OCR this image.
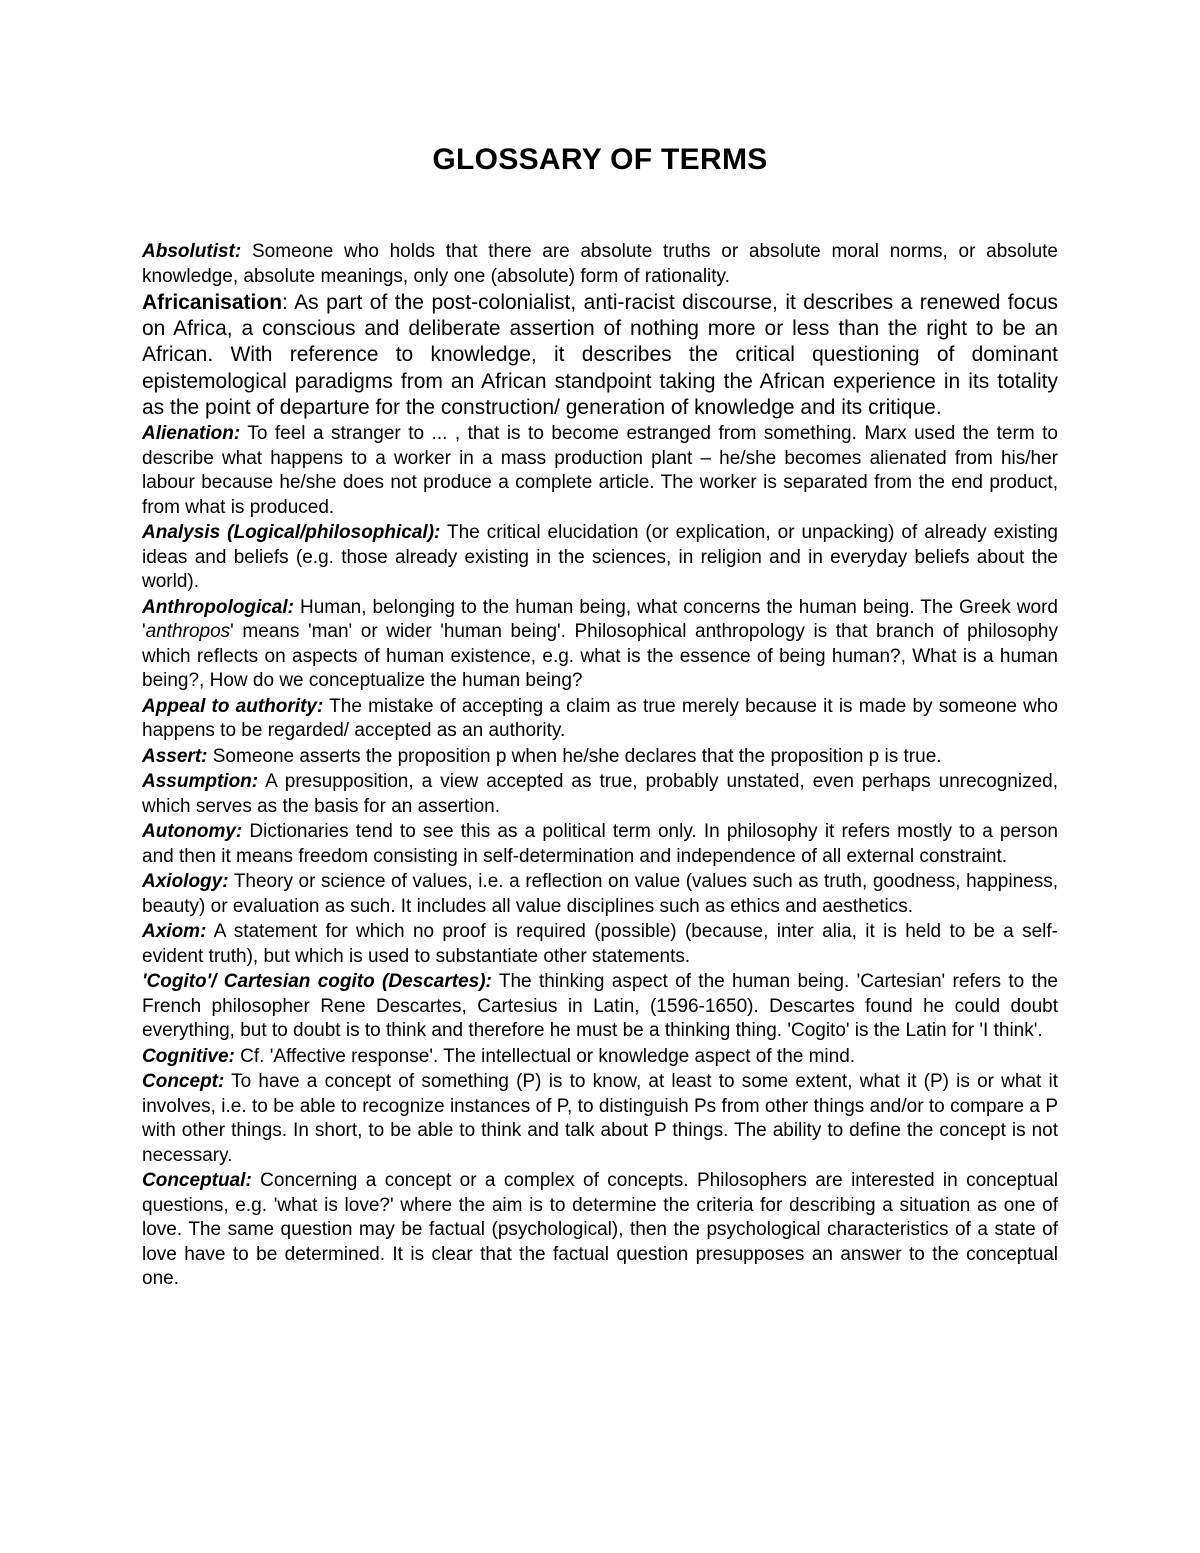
GLOSSARY OF TERMS

Absolutist: Someone who holds that there are absolute truths or absolute moral norms, or absolute knowledge, absolute meanings, only one (absolute) form of rationality.

Africanisation: As part of the post-colonialist, anti-racist discourse, it describes a renewed focus on Africa, a conscious and deliberate assertion of nothing more or less than the right to be an African. With reference to knowledge, it describes the critical questioning of dominant epistemological paradigms from an African standpoint taking the African experience in its totality as the point of departure for the construction/ generation of knowledge and its critique.

Alienation: To feel a stranger to ... , that is to become estranged from something. Marx used the term to describe what happens to a worker in a mass production plant – he/she becomes alienated from his/her labour because he/she does not produce a complete article. The worker is separated from the end product, from what is produced.

Analysis (Logical/philosophical): The critical elucidation (or explication, or unpacking) of already existing ideas and beliefs (e.g. those already existing in the sciences, in religion and in everyday beliefs about the world).

Anthropological: Human, belonging to the human being, what concerns the human being. The Greek word 'anthropos' means 'man' or wider 'human being'. Philosophical anthropology is that branch of philosophy which reflects on aspects of human existence, e.g. what is the essence of being human?, What is a human being?, How do we conceptualize the human being?

Appeal to authority: The mistake of accepting a claim as true merely because it is made by someone who happens to be regarded/ accepted as an authority.

Assert: Someone asserts the proposition p when he/she declares that the proposition p is true.

Assumption: A presupposition, a view accepted as true, probably unstated, even perhaps unrecognized, which serves as the basis for an assertion.

Autonomy: Dictionaries tend to see this as a political term only. In philosophy it refers mostly to a person and then it means freedom consisting in self-determination and independence of all external constraint.

Axiology: Theory or science of values, i.e. a reflection on value (values such as truth, goodness, happiness, beauty) or evaluation as such. It includes all value disciplines such as ethics and aesthetics.

Axiom: A statement for which no proof is required (possible) (because, inter alia, it is held to be a self-evident truth), but which is used to substantiate other statements.

'Cogito'/ Cartesian cogito (Descartes): The thinking aspect of the human being. 'Cartesian' refers to the French philosopher Rene Descartes, Cartesius in Latin, (1596-1650). Descartes found he could doubt everything, but to doubt is to think and therefore he must be a thinking thing. 'Cogito' is the Latin for 'I think'.

Cognitive: Cf. 'Affective response'. The intellectual or knowledge aspect of the mind.

Concept: To have a concept of something (P) is to know, at least to some extent, what it (P) is or what it involves, i.e. to be able to recognize instances of P, to distinguish Ps from other things and/or to compare a P with other things. In short, to be able to think and talk about P things. The ability to define the concept is not necessary.

Conceptual: Concerning a concept or a complex of concepts. Philosophers are interested in conceptual questions, e.g. 'what is love?' where the aim is to determine the criteria for describing a situation as one of love. The same question may be factual (psychological), then the psychological characteristics of a state of love have to be determined. It is clear that the factual question presupposes an answer to the conceptual one.
